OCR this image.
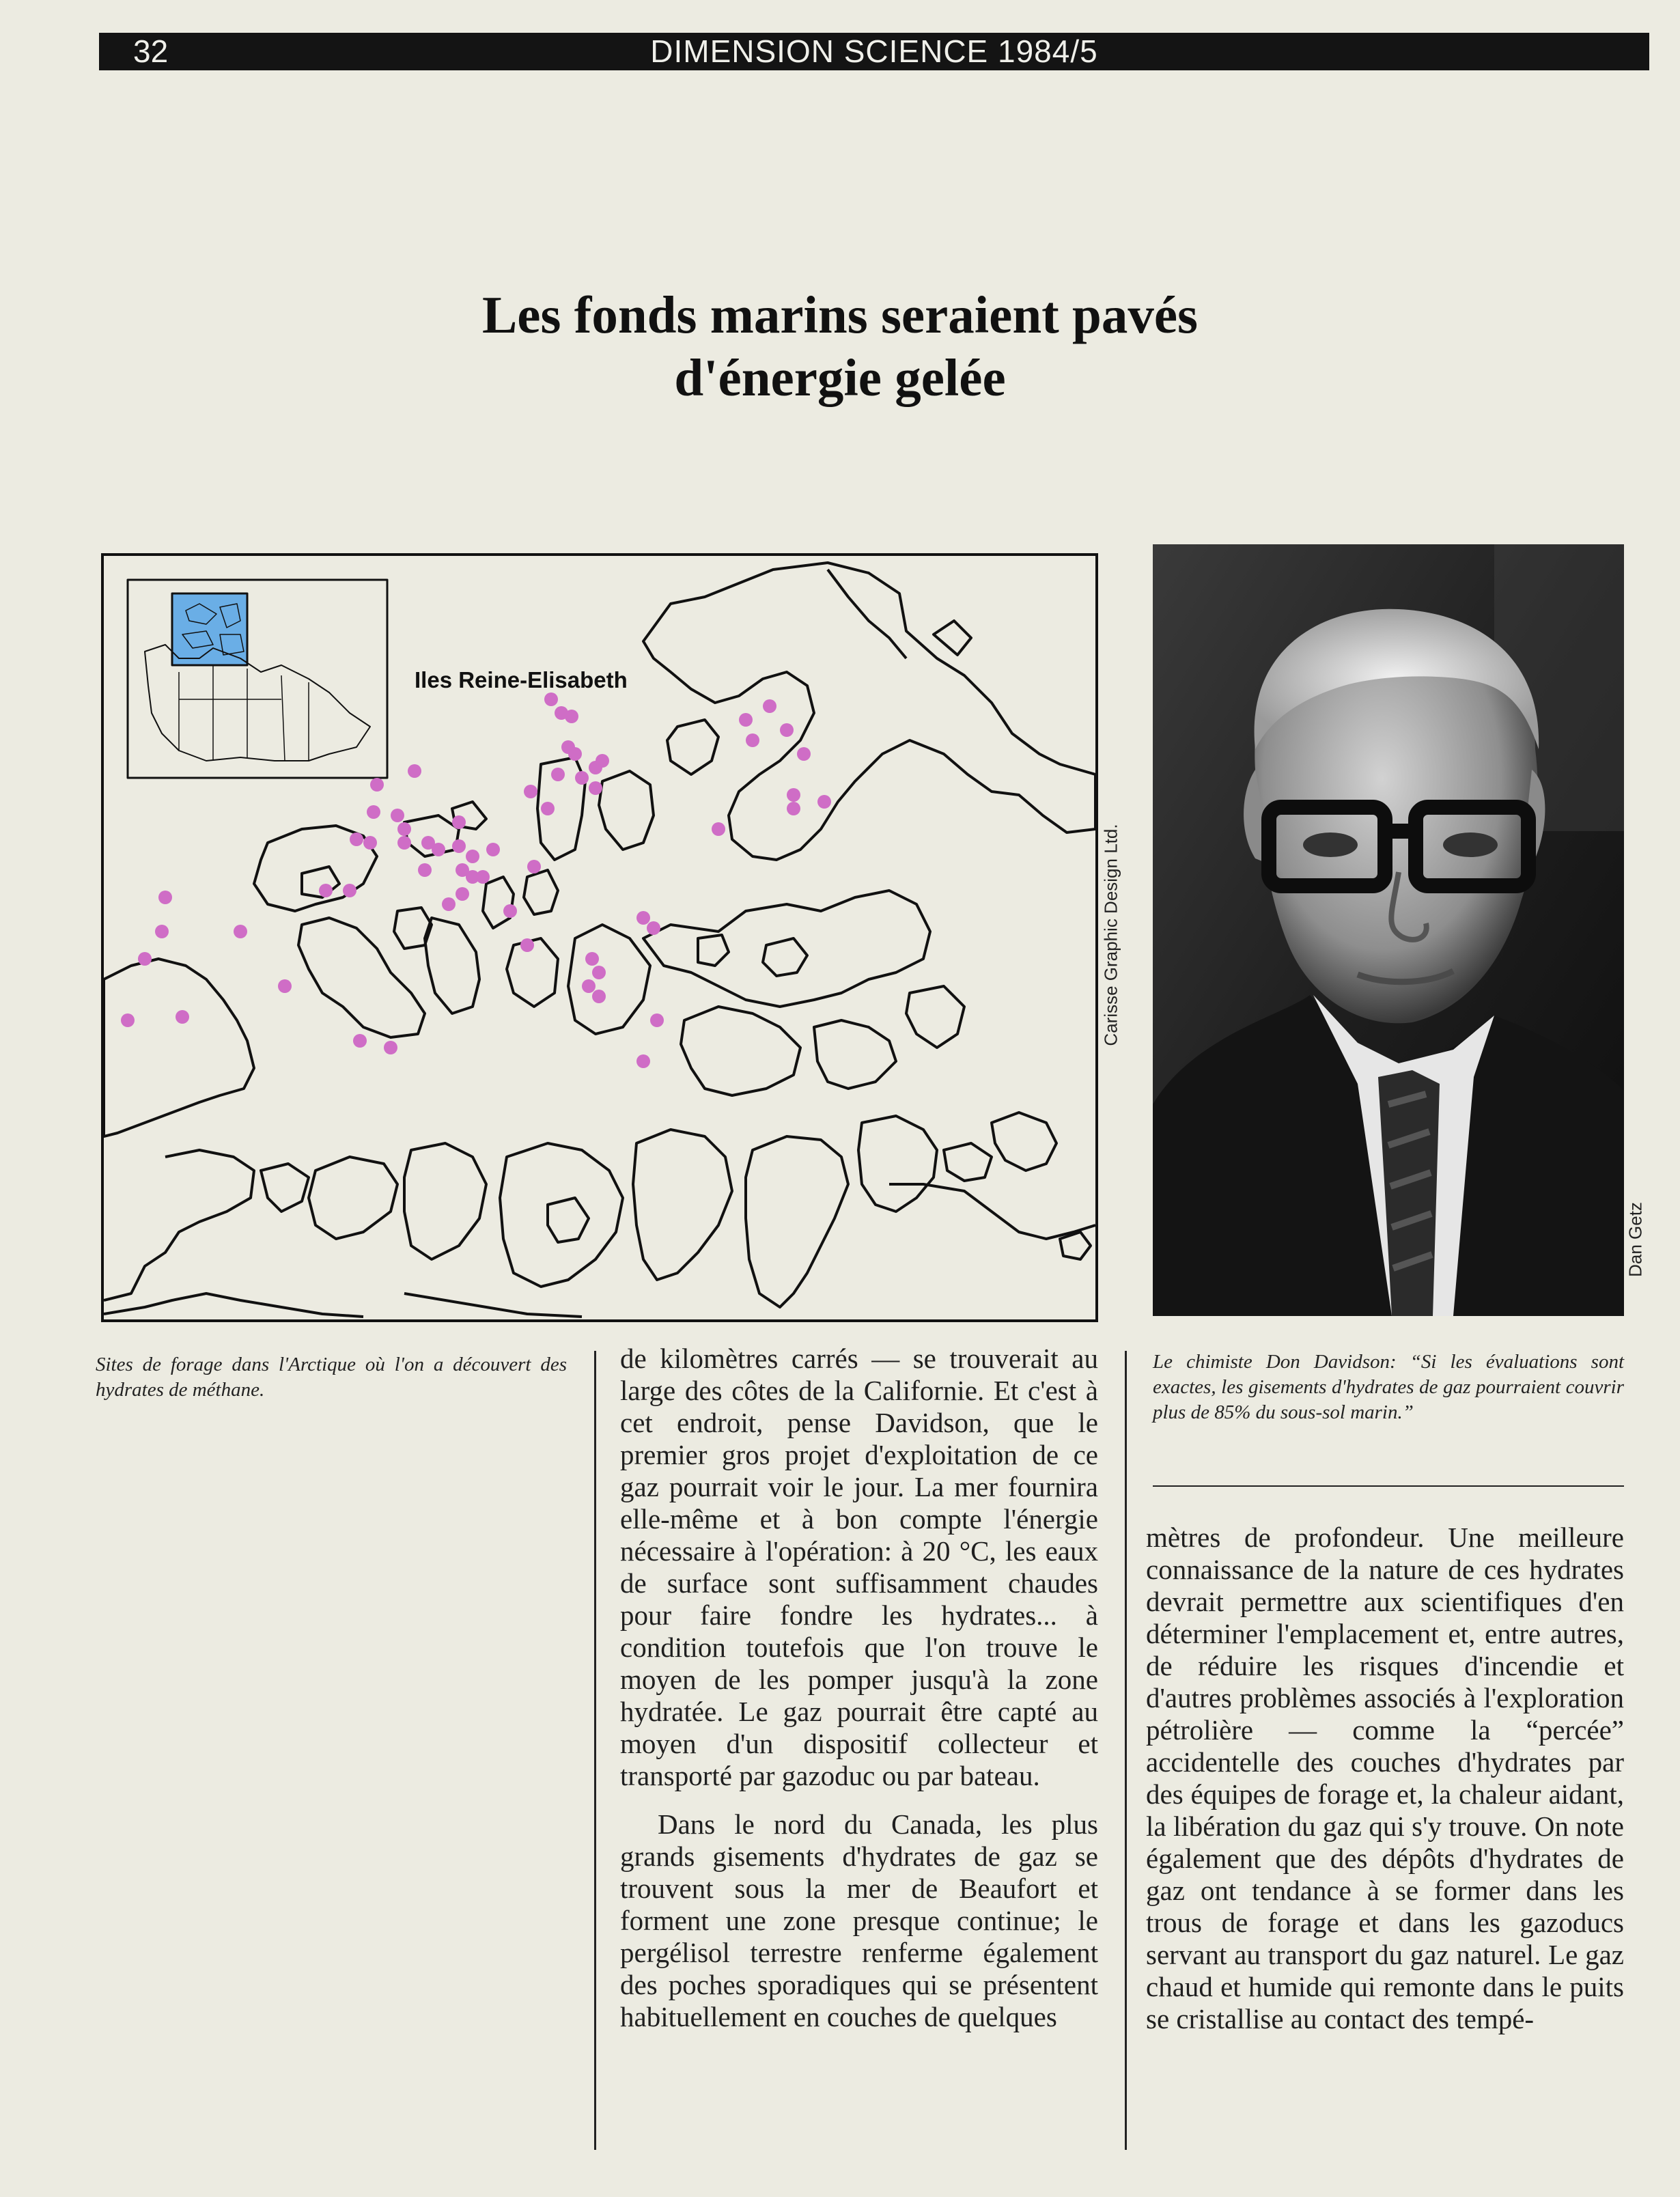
32	DIMENSION SCIENCE 1984/5
Les fonds marins seraient pavés
d'énergie gelée
Iles Reine-Elisabeth
Carisse Graphic Design Ltd.
Dan Getz
Sites de forage dans l'Arctique où l'on a découvert des hydrates de méthane.
Le chimiste Don Davidson: “Si les évaluations sont exactes, les gisements d'hydrates de gaz pourraient couvrir plus de 85% du sous-sol marin.”

de kilomètres carrés — se trouverait au large des côtes de la Californie. Et c'est à cet endroit, pense Davidson, que le premier gros projet d'exploitation de ce gaz pourrait voir le jour. La mer fournira elle-même et à bon compte l'énergie nécessaire à l'opération: à 20 °C, les eaux de surface sont suffisamment chaudes pour faire fondre les hydrates... à condition toutefois que l'on trouve le moyen de les pomper jusqu'à la zone hydratée. Le gaz pourrait être capté au moyen d'un dispositif collecteur et transporté par gazoduc ou par bateau.

Dans le nord du Canada, les plus grands gisements d'hydrates de gaz se trouvent sous la mer de Beaufort et forment une zone presque continue; le pergélisol terrestre renferme également des poches sporadiques qui se présentent habituellement en couches de quelques

mètres de profondeur. Une meilleure connaissance de la nature de ces hydrates devrait permettre aux scientifiques d'en déterminer l'emplacement et, entre autres, de réduire les risques d'incendie et d'autres problèmes associés à l'exploration pétrolière — comme la “percée” accidentelle des couches d'hydrates par des équipes de forage et, la chaleur aidant, la libération du gaz qui s'y trouve. On note également que des dépôts d'hydrates de gaz ont tendance à se former dans les trous de forage et dans les gazoducs servant au transport du gaz naturel. Le gaz chaud et humide qui remonte dans le puits se cristallise au contact des tempé-
